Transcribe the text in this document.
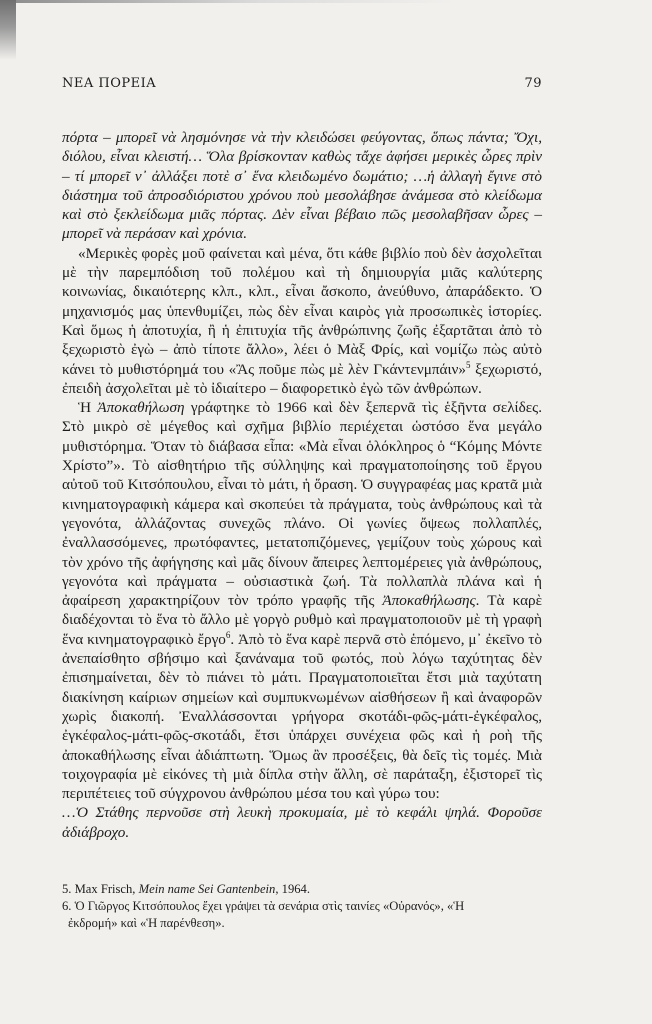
ΝΕΑ ΠΟΡΕΙΑ	79

πόρτα – μπορεῖ νὰ λησμόνησε νὰ τὴν κλειδώσει φεύγοντας, ὅπως πάντα; Ὄχι, διόλου, εἶναι κλειστή… Ὅλα βρίσκονταν καθὼς τἄχε ἀφήσει μερικὲς ὧρες πρὶν – τί μπορεῖ ν᾿ ἀλλάξει ποτὲ σ᾿ ἕνα κλειδωμένο δωμάτιο; …ἡ ἀλλαγὴ ἔγινε στὸ διάστημα τοῦ ἀπροσδιόριστου χρόνου ποὺ μεσολάβησε ἀνάμεσα στὸ κλείδωμα καὶ στὸ ξεκλείδωμα μιᾶς πόρτας. Δὲν εἶναι βέβαιο πῶς μεσολαβῆσαν ὧρες – μπορεῖ νὰ περάσαν καὶ χρόνια.

«Μερικὲς φορὲς μοῦ φαίνεται καὶ μένα, ὅτι κάθε βιβλίο ποὺ δὲν ἀσχολεῖται μὲ τὴν παρεμπόδιση τοῦ πολέμου καὶ τὴ δημιουργία μιᾶς καλύτερης κοινωνίας, δικαιότερης κλπ., κλπ., εἶναι ἄσκοπο, ἀνεύθυνο, ἀπαράδεκτο. Ὁ μηχανισμός μας ὑπενθυμίζει, πὼς δὲν εἶναι καιρὸς γιὰ προσωπικὲς ἱστορίες. Καὶ ὅμως ἡ ἀποτυχία, ἢ ἡ ἐπιτυχία τῆς ἀνθρώπινης ζωῆς ἐξαρτᾶται ἀπὸ τὸ ξεχωριστὸ ἐγὼ – ἀπὸ τίποτε ἄλλο», λέει ὁ Μὰξ Φρίς, καὶ νομίζω πὼς αὐτὸ κάνει τὸ μυθιστόρημά του «Ἂς ποῦμε πὼς μὲ λὲν Γκάντενμπάιν»$^5$ ξεχωριστό, ἐπειδὴ ἀσχολεῖται μὲ τὸ ἰδιαίτερο – διαφορετικὸ ἐγὼ τῶν ἀνθρώπων.

Ἡ Ἀποκαθήλωση γράφτηκε τὸ 1966 καὶ δὲν ξεπερνᾶ τὶς ἑξῆντα σελίδες. Στὸ μικρὸ σὲ μέγεθος καὶ σχῆμα βιβλίο περιέχεται ὡστόσο ἕνα μεγάλο μυθιστόρημα. Ὅταν τὸ διάβασα εἶπα: «Μὰ εἶναι ὁλόκληρος ὁ “Κόμης Μόντε Χρίστο”». Τὸ αἰσθητήριο τῆς σύλληψης καὶ πραγματοποίησης τοῦ ἔργου αὐτοῦ τοῦ Κιτσόπουλου, εἶναι τὸ μάτι, ἡ ὅραση. Ὁ συγγραφέας μας κρατᾶ μιὰ κινηματογραφικὴ κάμερα καὶ σκοπεύει τὰ πράγματα, τοὺς ἀνθρώπους καὶ τὰ γεγονότα, ἀλλάζοντας συνεχῶς πλάνο. Οἱ γωνίες ὄψεως πολλαπλές, ἐναλλασσόμενες, πρωτόφαντες, μετατοπιζόμενες, γεμίζουν τοὺς χώρους καὶ τὸν χρόνο τῆς ἀφήγησης καὶ μᾶς δίνουν ἄπειρες λεπτομέρειες γιὰ ἀνθρώπους, γεγονότα καὶ πράγματα – οὐσιαστικὰ ζωή. Τὰ πολλαπλὰ πλάνα καὶ ἡ ἀφαίρεση χαρακτηρίζουν τὸν τρόπο γραφῆς τῆς Ἀποκαθήλωσης. Τὰ καρὲ διαδέχονται τὸ ἕνα τὸ ἄλλο μὲ γοργὸ ρυθμὸ καὶ πραγματοποιοῦν μὲ τὴ γραφὴ ἕνα κινηματογραφικὸ ἔργο$^6$. Ἀπὸ τὸ ἕνα καρὲ περνᾶ στὸ ἑπόμενο, μ᾿ ἐκεῖνο τὸ ἀνεπαίσθητο σβήσιμο καὶ ξανάναμα τοῦ φωτός, ποὺ λόγω ταχύτητας δὲν ἐπισημαίνεται, δὲν τὸ πιάνει τὸ μάτι. Πραγματοποιεῖται ἔτσι μιὰ ταχύτατη διακίνηση καίριων σημείων καὶ συμπυκνωμένων αἰσθήσεων ἢ καὶ ἀναφορῶν χωρὶς διακοπή. Ἐναλλάσσονται γρήγορα σκοτάδι-φῶς-μάτι-ἐγκέφαλος, ἐγκέφαλος-μάτι-φῶς-σκοτάδι, ἔτσι ὑπάρχει συνέχεια φῶς καὶ ἡ ροὴ τῆς ἀποκαθήλωσης εἶναι ἀδιάπτωτη. Ὅμως ἂν προσέξεις, θὰ δεῖς τὶς τομές. Μιὰ τοιχογραφία μὲ εἰκόνες τὴ μιὰ δίπλα στὴν ἄλλη, σὲ παράταξη, ἐξιστορεῖ τὶς περιπέτειες τοῦ σύγχρονου ἀνθρώπου μέσα του καὶ γύρω του:

…Ὁ Στάθης περνοῦσε στὴ λευκὴ προκυμαία, μὲ τὸ κεφάλι ψηλά. Φοροῦσε ἀδιάβροχο.

5. Max Frisch, Mein name Sei Gantenbein, 1964.

6. Ὁ Γιῶργος Κιτσόπουλος ἔχει γράψει τὰ σενάρια στὶς ταινίες «Οὐρανός», «Ἡ

ἐκδρομή» καὶ «Ἡ παρένθεση».
